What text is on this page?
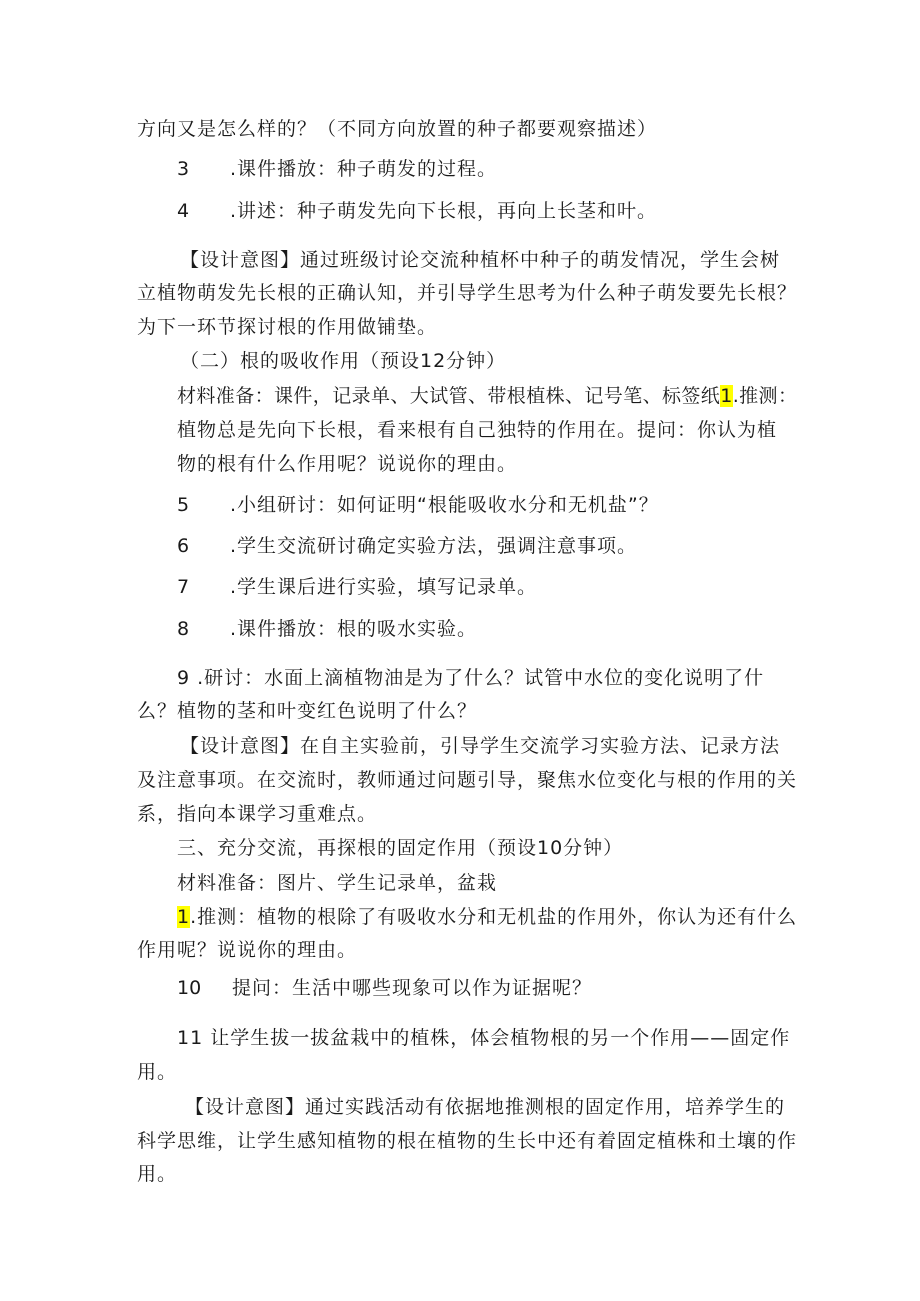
方向又是怎么样的？（不同方向放置的种子都要观察描述）
3 .课件播放：种子萌发的过程。
4 .讲述：种子萌发先向下长根，再向上长茎和叶。
【设计意图】通过班级讨论交流种植杯中种子的萌发情况，学生会树
立植物萌发先长根的正确认知，并引导学生思考为什么种子萌发要先长根？
为下一环节探讨根的作用做铺垫。
（二）根的吸收作用（预设12分钟）
材料准备：课件，记录单、大试管、带根植株、记号笔、标签纸1.推测：
植物总是先向下长根，看来根有自己独特的作用在。提问：你认为植
物的根有什么作用呢？说说你的理由。
5 .小组研讨：如何证明“根能吸收水分和无机盐”？
6 .学生交流研讨确定实验方法，强调注意事项。
7 .学生课后进行实验，填写记录单。
8 .课件播放：根的吸水实验。
9 .研讨：水面上滴植物油是为了什么？试管中水位的变化说明了什
么？植物的茎和叶变红色说明了什么？
【设计意图】在自主实验前，引导学生交流学习实验方法、记录方法
及注意事项。在交流时，教师通过问题引导，聚焦水位变化与根的作用的关
系，指向本课学习重难点。
三、充分交流，再探根的固定作用（预设10分钟）
材料准备：图片、学生记录单，盆栽
1.推测：植物的根除了有吸收水分和无机盐的作用外，你认为还有什么
作用呢？说说你的理由。
10 提问：生活中哪些现象可以作为证据呢？
11 让学生拔一拔盆栽中的植株，体会植物根的另一个作用——固定作
用。
【设计意图】通过实践活动有依据地推测根的固定作用，培养学生的
科学思维，让学生感知植物的根在植物的生长中还有着固定植株和土壤的作
用。
